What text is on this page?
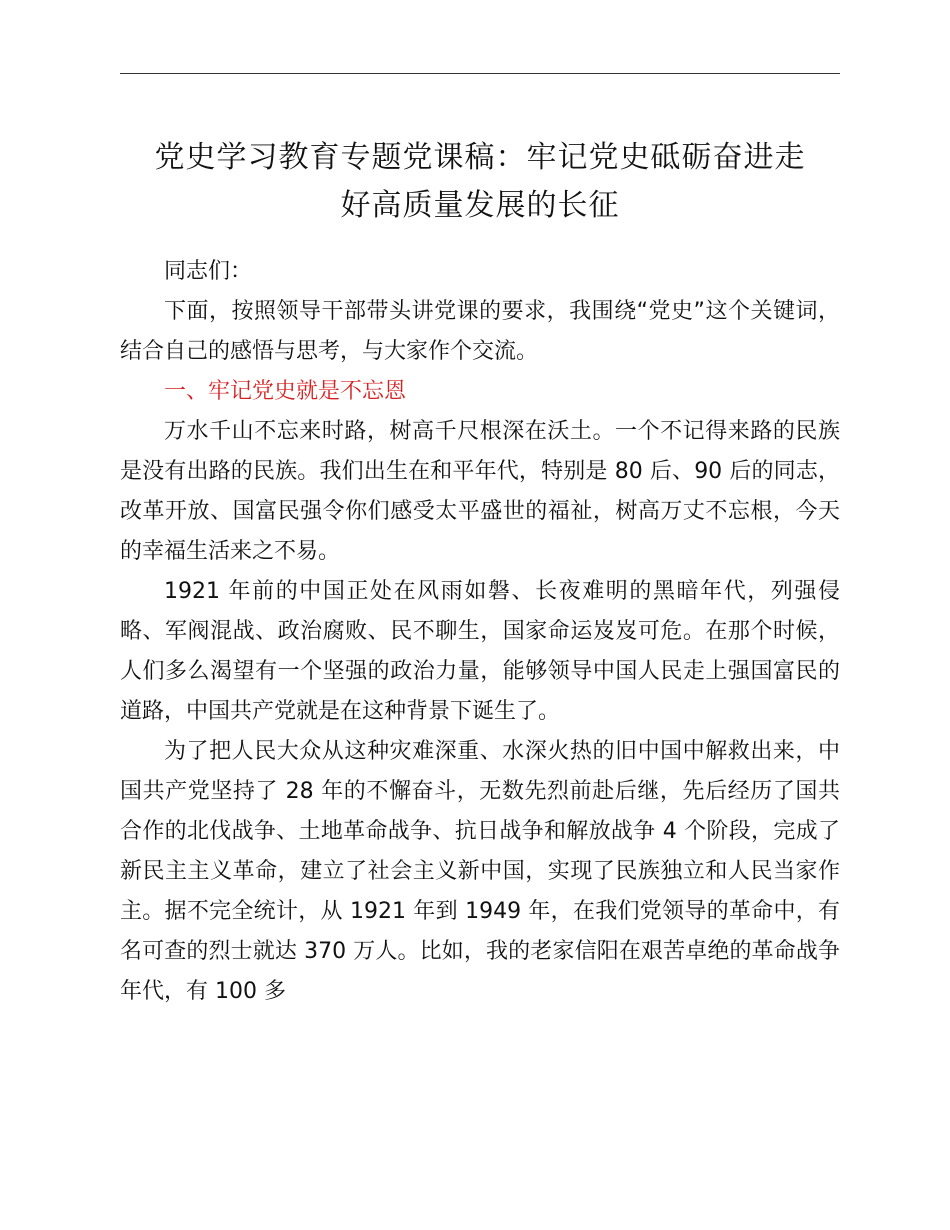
党史学习教育专题党课稿：牢记党史砥砺奋进走
好高质量发展的长征

同志们：

下面，按照领导干部带头讲党课的要求，我围绕“党史”这个关键词，结合自己的感悟与思考，与大家作个交流。

一、牢记党史就是不忘恩

万水千山不忘来时路，树高千尺根深在沃土。一个不记得来路的民族是没有出路的民族。我们出生在和平年代，特别是 80 后、90 后的同志，改革开放、国富民强令你们感受太平盛世的福祉，树高万丈不忘根，今天的幸福生活来之不易。

1921 年前的中国正处在风雨如磐、长夜难明的黑暗年代，列强侵略、军阀混战、政治腐败、民不聊生，国家命运岌岌可危。在那个时候，人们多么渴望有一个坚强的政治力量，能够领导中国人民走上强国富民的道路，中国共产党就是在这种背景下诞生了。

为了把人民大众从这种灾难深重、水深火热的旧中国中解救出来，中国共产党坚持了 28 年的不懈奋斗，无数先烈前赴后继，先后经历了国共合作的北伐战争、土地革命战争、抗日战争和解放战争 4 个阶段，完成了新民主主义革命，建立了社会主义新中国，实现了民族独立和人民当家作主。据不完全统计，从 1921 年到 1949 年，在我们党领导的革命中，有名可查的烈士就达 370 万人。比如，我的老家信阳在艰苦卓绝的革命战争年代，有 100 多
